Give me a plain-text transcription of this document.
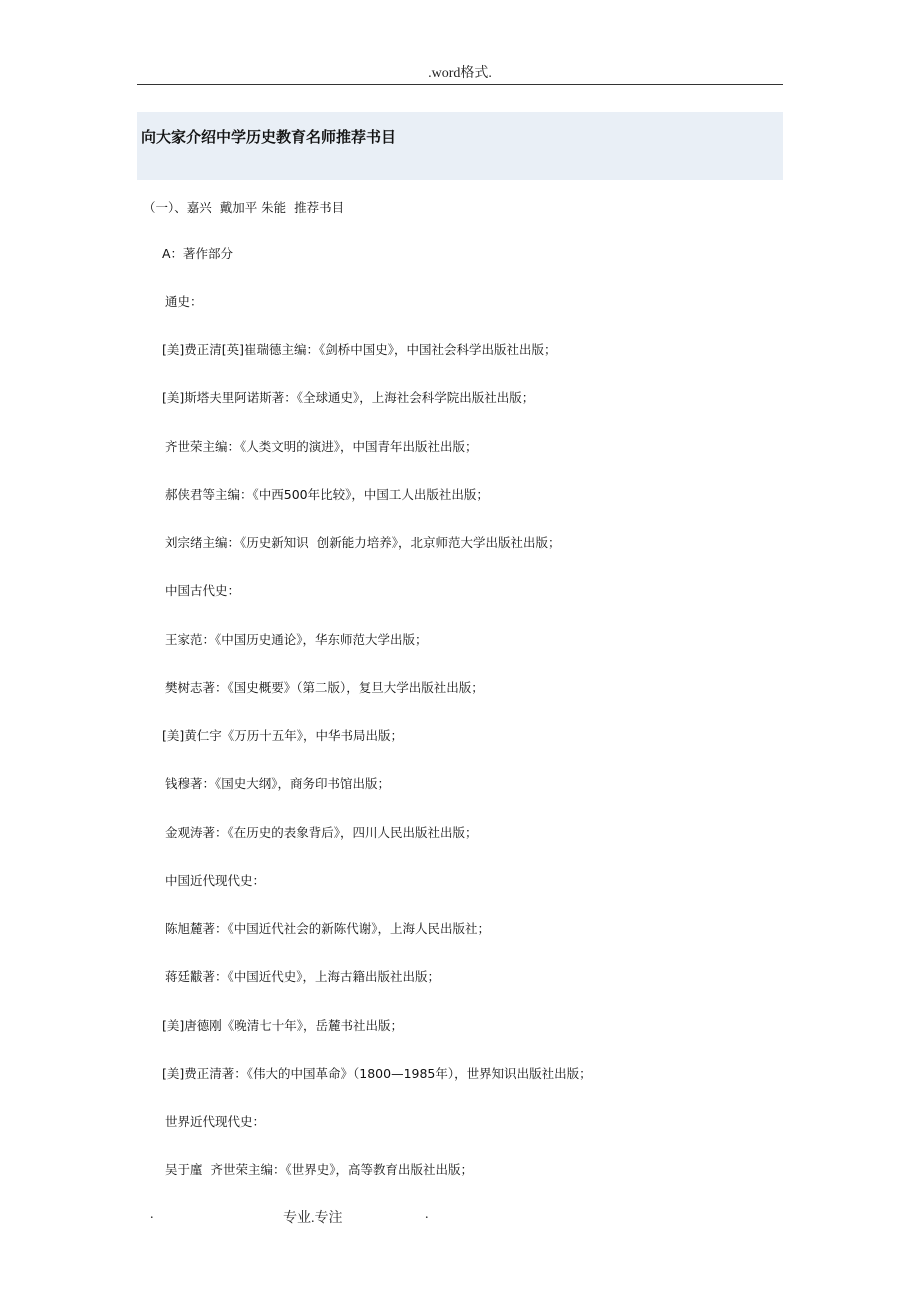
.word格式.
向大家介绍中学历史教育名师推荐书目
（一）、嘉兴  戴加平 朱能  推荐书目
A：著作部分
通史：
[美]费正清[英]崔瑞德主编：《剑桥中国史》，中国社会科学出版社出版；
[美]斯塔夫里阿诺斯著：《全球通史》，上海社会科学院出版社出版；
齐世荣主编：《人类文明的演进》，中国青年出版社出版；
郝侠君等主编：《中西500年比较》，中国工人出版社出版；
刘宗绪主编：《历史新知识  创新能力培养》，北京师范大学出版社出版；
中国古代史：
王家范：《中国历史通论》，华东师范大学出版；
樊树志著：《国史概要》（第二版），复旦大学出版社出版；
[美]黄仁宇《万历十五年》，中华书局出版；
钱穆著：《国史大纲》，商务印书馆出版；
金观涛著：《在历史的表象背后》，四川人民出版社出版；
中国近代现代史：
陈旭麓著：《中国近代社会的新陈代谢》，上海人民出版社；
蒋廷黻著：《中国近代史》，上海古籍出版社出版；
[美]唐德刚《晚清七十年》，岳麓书社出版；
[美]费正清著：《伟大的中国革命》（1800—1985年），世界知识出版社出版；
世界近代现代史：
吴于廑  齐世荣主编：《世界史》，高等教育出版社出版；
.	专业.专注	.
